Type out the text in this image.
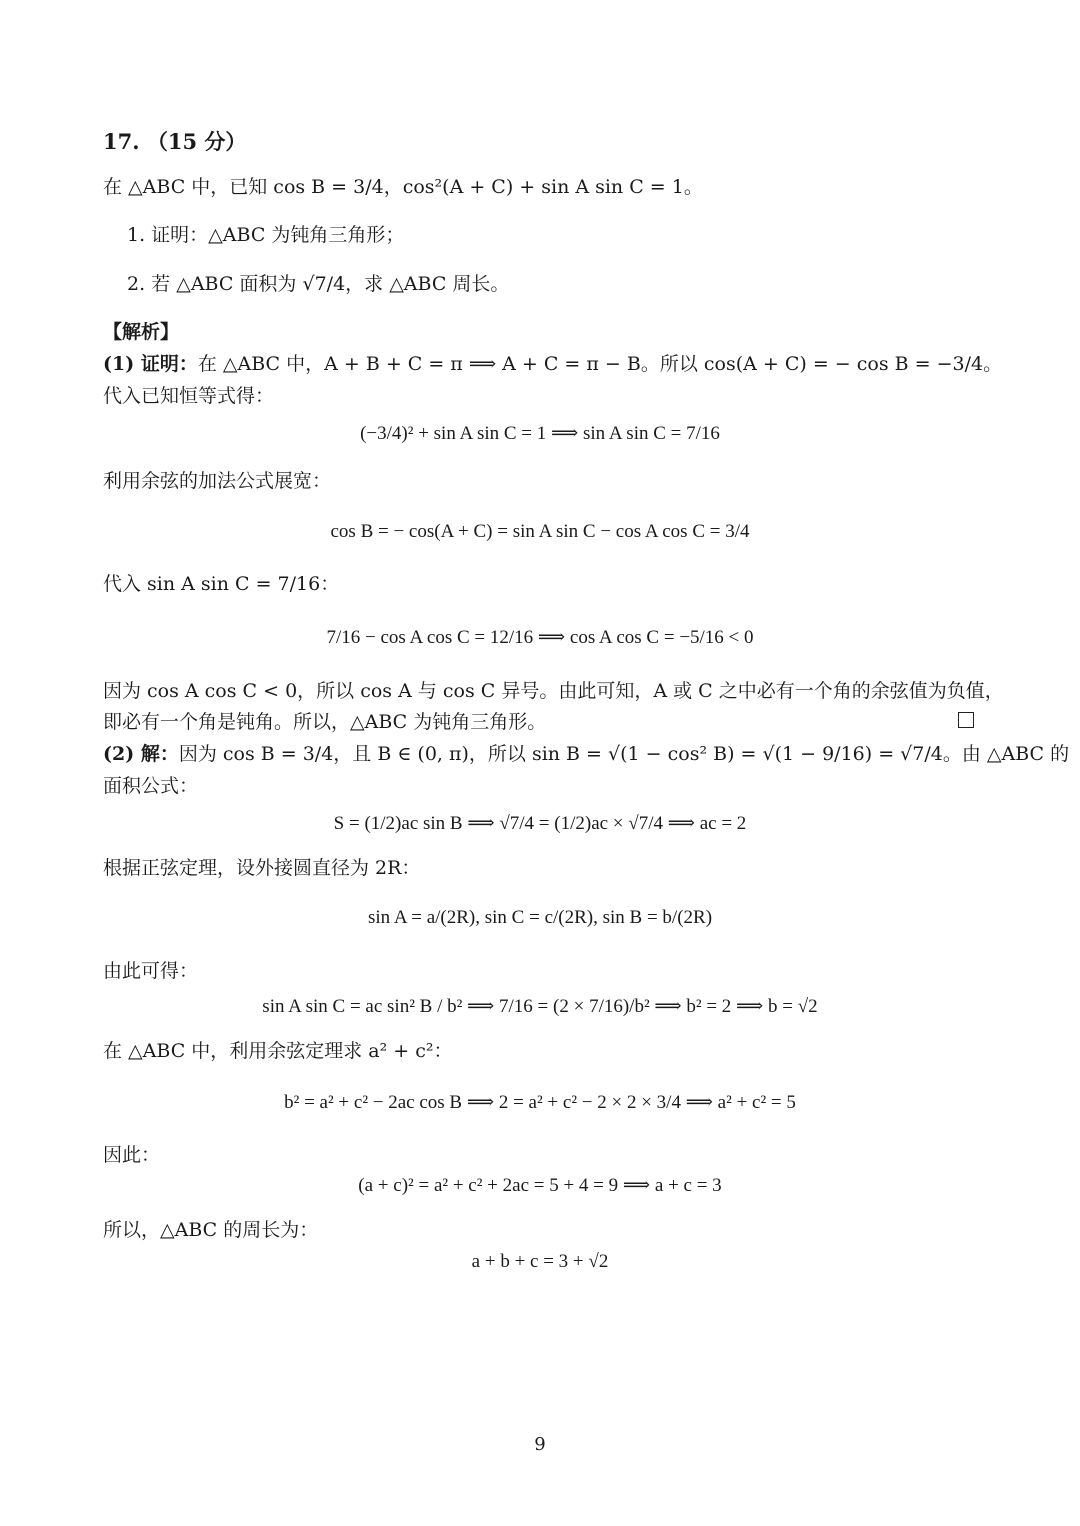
17. （15 分）
在 △ABC 中，已知 cos B = 3/4，cos²(A + C) + sin A sin C = 1。
1. 证明：△ABC 为钝角三角形；
2. 若 △ABC 面积为 √7/4，求 △ABC 周长。
【解析】
(1) 证明：在 △ABC 中，A + B + C = π ⟹ A + C = π − B。所以 cos(A + C) = − cos B = −3/4。
代入已知恒等式得：
(−3/4)² + sin A sin C = 1 ⟹ sin A sin C = 7/16
利用余弦的加法公式展宽：
cos B = − cos(A + C) = sin A sin C − cos A cos C = 3/4
代入 sin A sin C = 7/16：
7/16 − cos A cos C = 12/16 ⟹ cos A cos C = −5/16 < 0
因为 cos A cos C < 0，所以 cos A 与 cos C 异号。由此可知，A 或 C 之中必有一个角的余弦值为负值，
即必有一个角是钝角。所以，△ABC 为钝角三角形。
(2) 解：因为 cos B = 3/4，且 B ∈ (0, π)，所以 sin B = √(1 − cos² B) = √(1 − 9/16) = √7/4。由 △ABC 的
面积公式：
S = (1/2)ac sin B ⟹ √7/4 = (1/2)ac × √7/4 ⟹ ac = 2
根据正弦定理，设外接圆直径为 2R：
sin A = a/(2R), sin C = c/(2R), sin B = b/(2R)
由此可得：
sin A sin C = ac sin² B / b² ⟹ 7/16 = (2 × 7/16)/b² ⟹ b² = 2 ⟹ b = √2
在 △ABC 中，利用余弦定理求 a² + c²：
b² = a² + c² − 2ac cos B ⟹ 2 = a² + c² − 2 × 2 × 3/4 ⟹ a² + c² = 5
因此：
(a + c)² = a² + c² + 2ac = 5 + 4 = 9 ⟹ a + c = 3
所以，△ABC 的周长为：
a + b + c = 3 + √2
9
